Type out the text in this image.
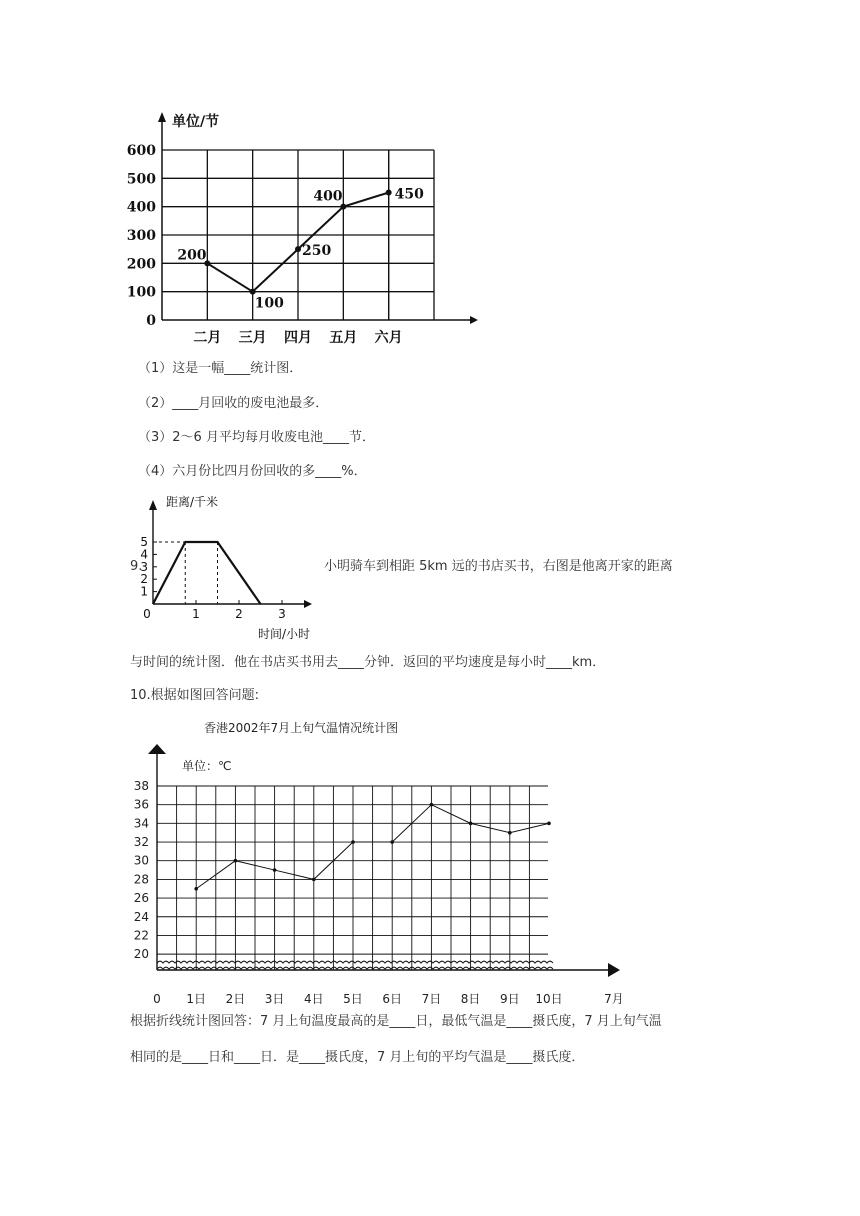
单位/节
0
100
200
300
400
500
600
二月 三月 四月 五月 六月
200
100
250
400	450
（1）这是一幅____统计图．
（2）____月回收的废电池最多．
（3）2～6 月平均每月收废电池____节．
（4）六月份比四月份回收的多____%．
9.
距离/千米
时间/小时
1
2
3
4
5
0	1	2	3
小明骑车到相距 5km 远的书店买书，右图是他离开家的距离
与时间的统计图．他在书店买书用去____分钟．返回的平均速度是每小时____km．
10.根据如图回答问题:
香港2002年7月上旬气温情况统计图
单位：℃
20
22
24
26
28
30
32
34
36
38
0 1日 2日 3日 4日 5日 6日 7日 8日 9日 10日	7月
根据折线统计图回答：7 月上旬温度最高的是____日，最低气温是____摄氏度，7 月上旬气温
相同的是____日和____日．是____摄氏度，7 月上旬的平均气温是____摄氏度．
